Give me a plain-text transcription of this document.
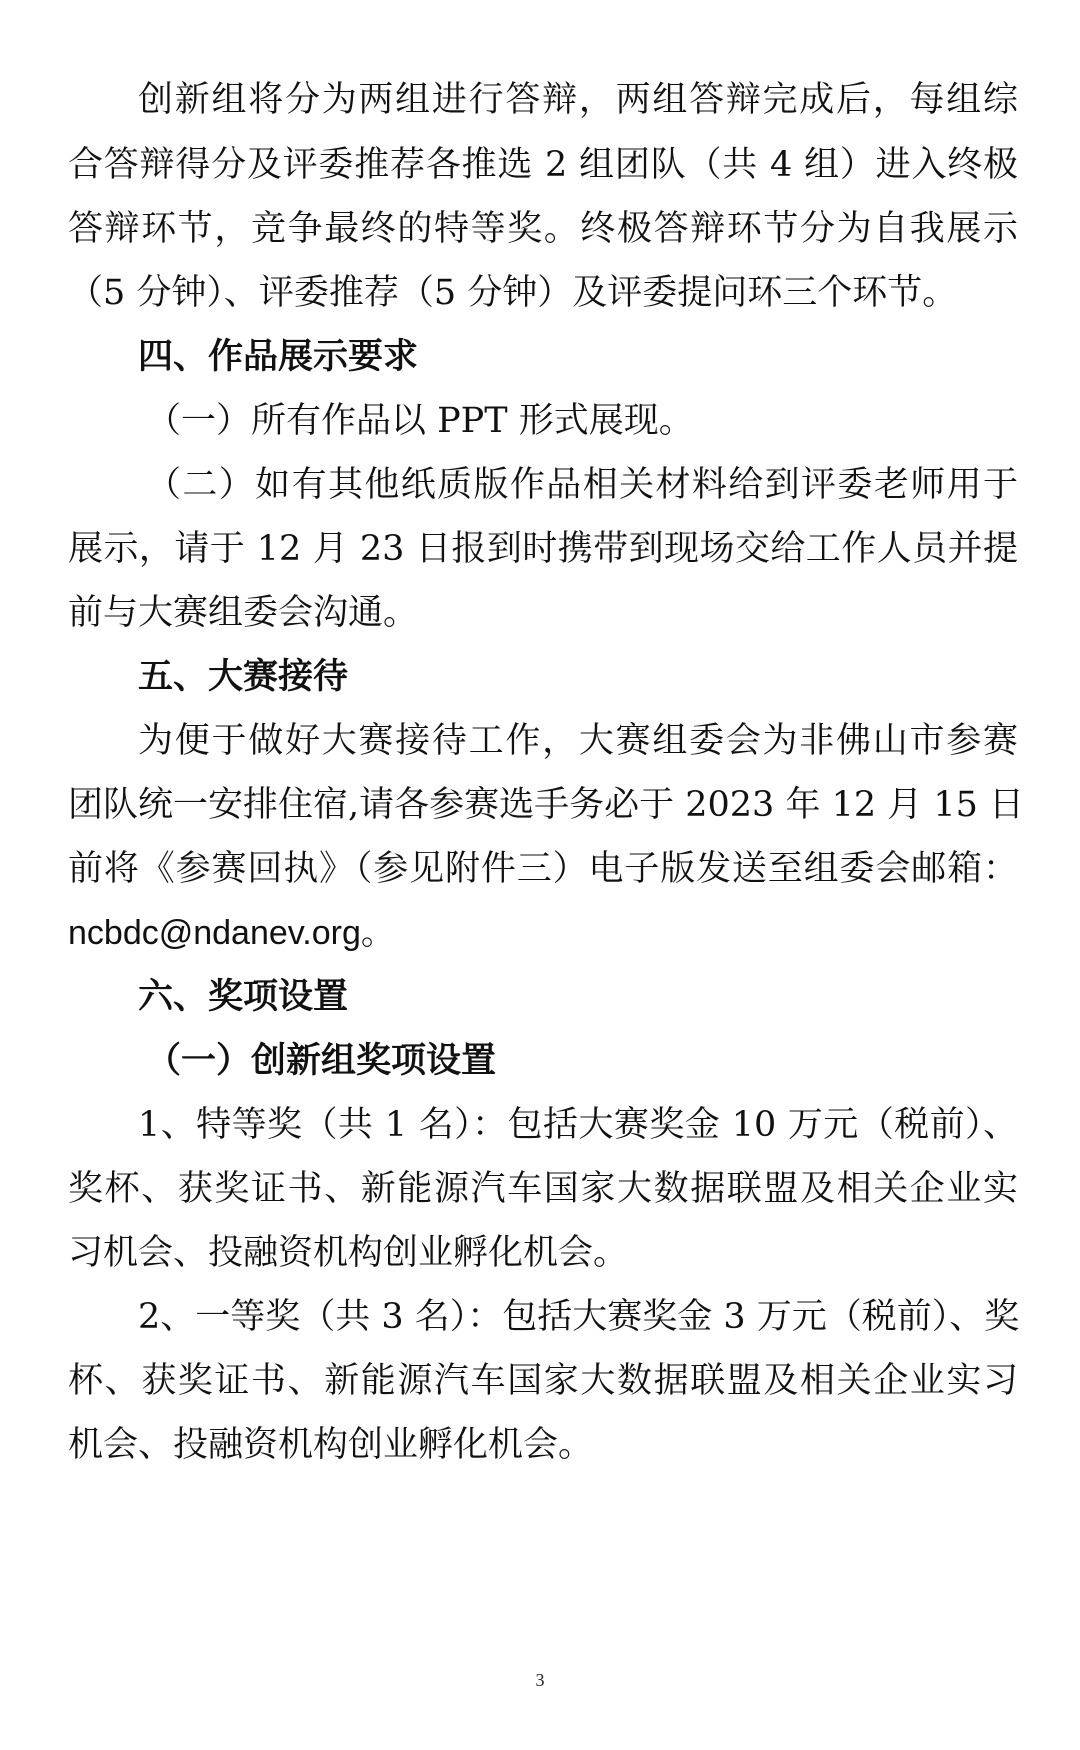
创新组将分为两组进行答辩，两组答辩完成后，每组综
合答辩得分及评委推荐各推选 2 组团队（共 4 组）进入终极
答辩环节，竞争最终的特等奖。终极答辩环节分为自我展示
（5 分钟）、评委推荐（5 分钟）及评委提问环三个环节。
四、作品展示要求
（一）所有作品以 PPT 形式展现。
（二）如有其他纸质版作品相关材料给到评委老师用于
展示，请于 12 月 23 日报到时携带到现场交给工作人员并提
前与大赛组委会沟通。
五、大赛接待
为便于做好大赛接待工作，大赛组委会为非佛山市参赛
团队统一安排住宿,请各参赛选手务必于 2023 年 12 月 15 日
前将《参赛回执》（参见附件三）电子版发送至组委会邮箱：
ncbdc@ndanev.org。
六、奖项设置
（一）创新组奖项设置
1、特等奖（共 1 名）：包括大赛奖金 10 万元（税前）、
奖杯、获奖证书、新能源汽车国家大数据联盟及相关企业实
习机会、投融资机构创业孵化机会。
2、一等奖（共 3 名）：包括大赛奖金 3 万元（税前）、奖
杯、获奖证书、新能源汽车国家大数据联盟及相关企业实习
机会、投融资机构创业孵化机会。
3
